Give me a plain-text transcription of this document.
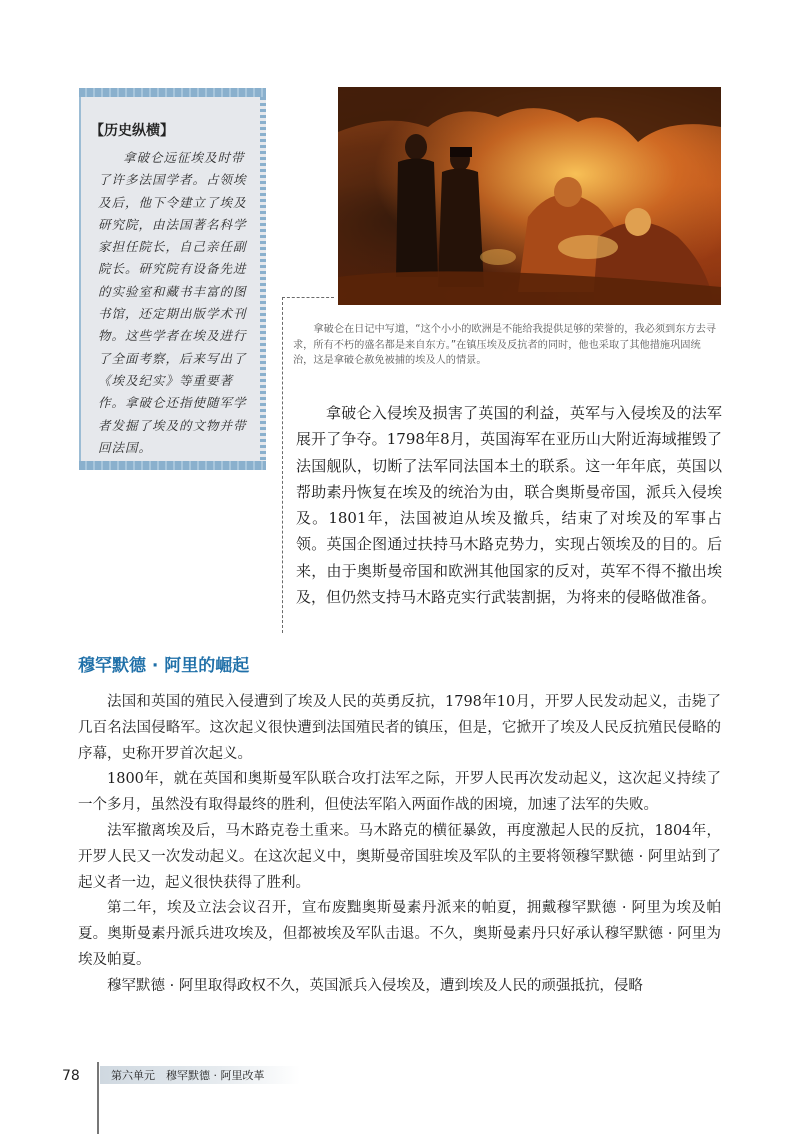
【历史纵横】
拿破仑远征埃及时带了许多法国学者。占领埃及后，他下令建立了埃及研究院，由法国著名科学家担任院长，自己亲任副院长。研究院有设备先进的实验室和藏书丰富的图书馆，还定期出版学术刊物。这些学者在埃及进行了全面考察，后来写出了《埃及纪实》等重要著作。拿破仑还指使随军学者发掘了埃及的文物并带回法国。
拿破仑在日记中写道，“这个小小的欧洲是不能给我提供足够的荣誉的，我必须到东方去寻求，所有不朽的盛名都是来自东方。”在镇压埃及反抗者的同时，他也采取了其他措施巩固统治，这是拿破仑赦免被捕的埃及人的情景。
拿破仑入侵埃及损害了英国的利益，英军与入侵埃及的法军展开了争夺。1798年8月，英国海军在亚历山大附近海域摧毁了法国舰队，切断了法军同法国本土的联系。这一年年底，英国以帮助素丹恢复在埃及的统治为由，联合奥斯曼帝国，派兵入侵埃及。1801年，法国被迫从埃及撤兵，结束了对埃及的军事占领。英国企图通过扶持马木路克势力，实现占领埃及的目的。后来，由于奥斯曼帝国和欧洲其他国家的反对，英军不得不撤出埃及，但仍然支持马木路克实行武装割据，为将来的侵略做准备。
穆罕默德 · 阿里的崛起

法国和英国的殖民入侵遭到了埃及人民的英勇反抗，1798年10月，开罗人民发动起义，击毙了几百名法国侵略军。这次起义很快遭到法国殖民者的镇压，但是，它掀开了埃及人民反抗殖民侵略的序幕，史称开罗首次起义。

1800年，就在英国和奥斯曼军队联合攻打法军之际，开罗人民再次发动起义，这次起义持续了一个多月，虽然没有取得最终的胜利，但使法军陷入两面作战的困境，加速了法军的失败。

法军撤离埃及后，马木路克卷土重来。马木路克的横征暴敛，再度激起人民的反抗，1804年，开罗人民又一次发动起义。在这次起义中，奥斯曼帝国驻埃及军队的主要将领穆罕默德 · 阿里站到了起义者一边，起义很快获得了胜利。

第二年，埃及立法会议召开，宣布废黜奥斯曼素丹派来的帕夏，拥戴穆罕默德 · 阿里为埃及帕夏。奥斯曼素丹派兵进攻埃及，但都被埃及军队击退。不久，奥斯曼素丹只好承认穆罕默德 · 阿里为埃及帕夏。

穆罕默德 · 阿里取得政权不久，英国派兵入侵埃及，遭到埃及人民的顽强抵抗，侵略

78	第六单元　穆罕默德 · 阿里改革
